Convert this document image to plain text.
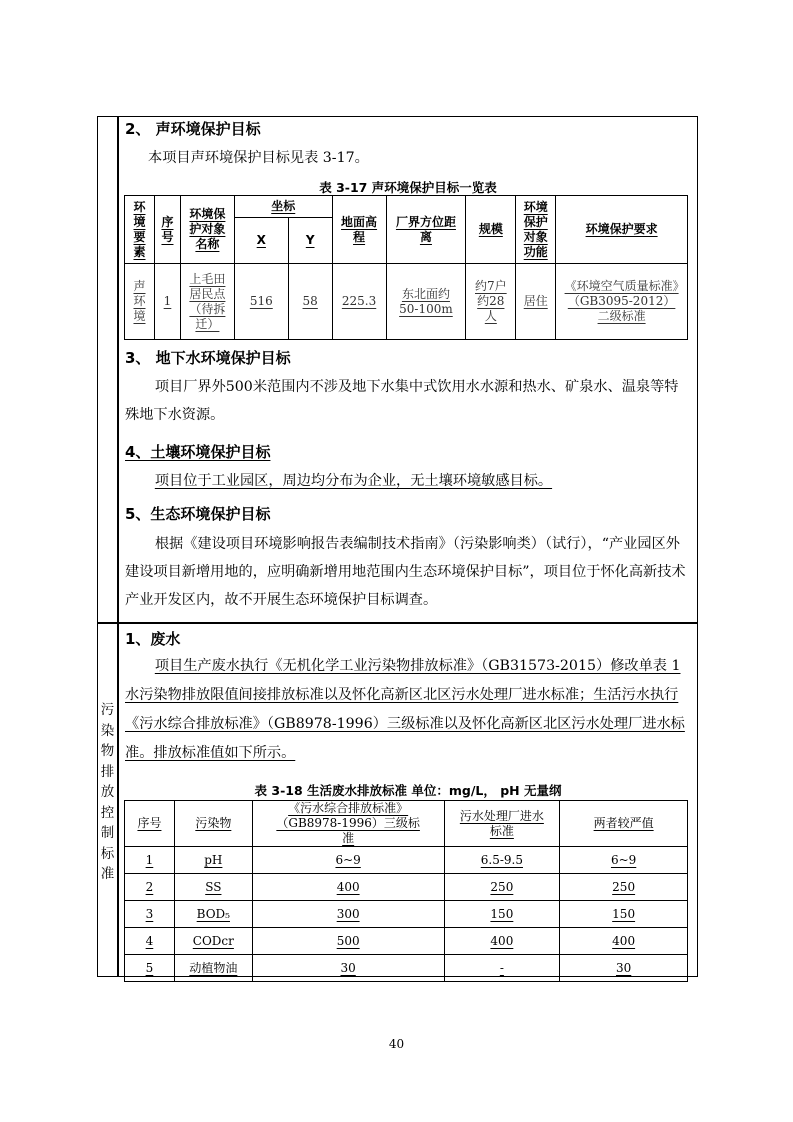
2、 声环境保护目标
本项目声环境保护目标见表 3-17。
表 3-17 声环境保护目标一览表
环境要素	序号	环境保护对象名称	坐标		地面高程	厂界方位距离	规模	环境保护对象功能	环境保护要求
			X	Y					
声环境	1	上毛田居民点（待拆迁）	516	58	225.3	东北面约50-100m	约7户约28人	居住	《环境空气质量标准》（GB3095-2012）二级标准
3、 地下水环境保护目标
项目厂界外500米范围内不涉及地下水集中式饮用水水源和热水、矿泉水、温泉等特殊地下水资源。
4、土壤环境保护目标
项目位于工业园区，周边均分布为企业，无土壤环境敏感目标。
5、生态环境保护目标
根据《建设项目环境影响报告表编制技术指南》（污染影响类）（试行），“产业园区外建设项目新增用地的，应明确新增用地范围内生态环境保护目标”，项目位于怀化高新技术产业开发区内，故不开展生态环境保护目标调查。
污
染
物
排
放
控
制
标
准
1、废水
项目生产废水执行《无机化学工业污染物排放标准》（GB31573-2015）修改单表 1 水污染物排放限值间接排放标准以及怀化高新区北区污水处理厂进水标准；生活污水执行《污水综合排放标准》（GB8978-1996）三级标准以及怀化高新区北区污水处理厂进水标准。排放标准值如下所示。
表 3-18 生活废水排放标准 单位：mg/L， pH 无量纲
序号	污染物	《污水综合排放标准》（GB8978-1996）三级标准	污水处理厂进水标准	两者较严值
1	pH	6~9	6.5-9.5	6~9
2	SS	400	250	250
3	BOD₅	300	150	150
4	CODcr	500	400	400
5	动植物油	30	-	30
40
